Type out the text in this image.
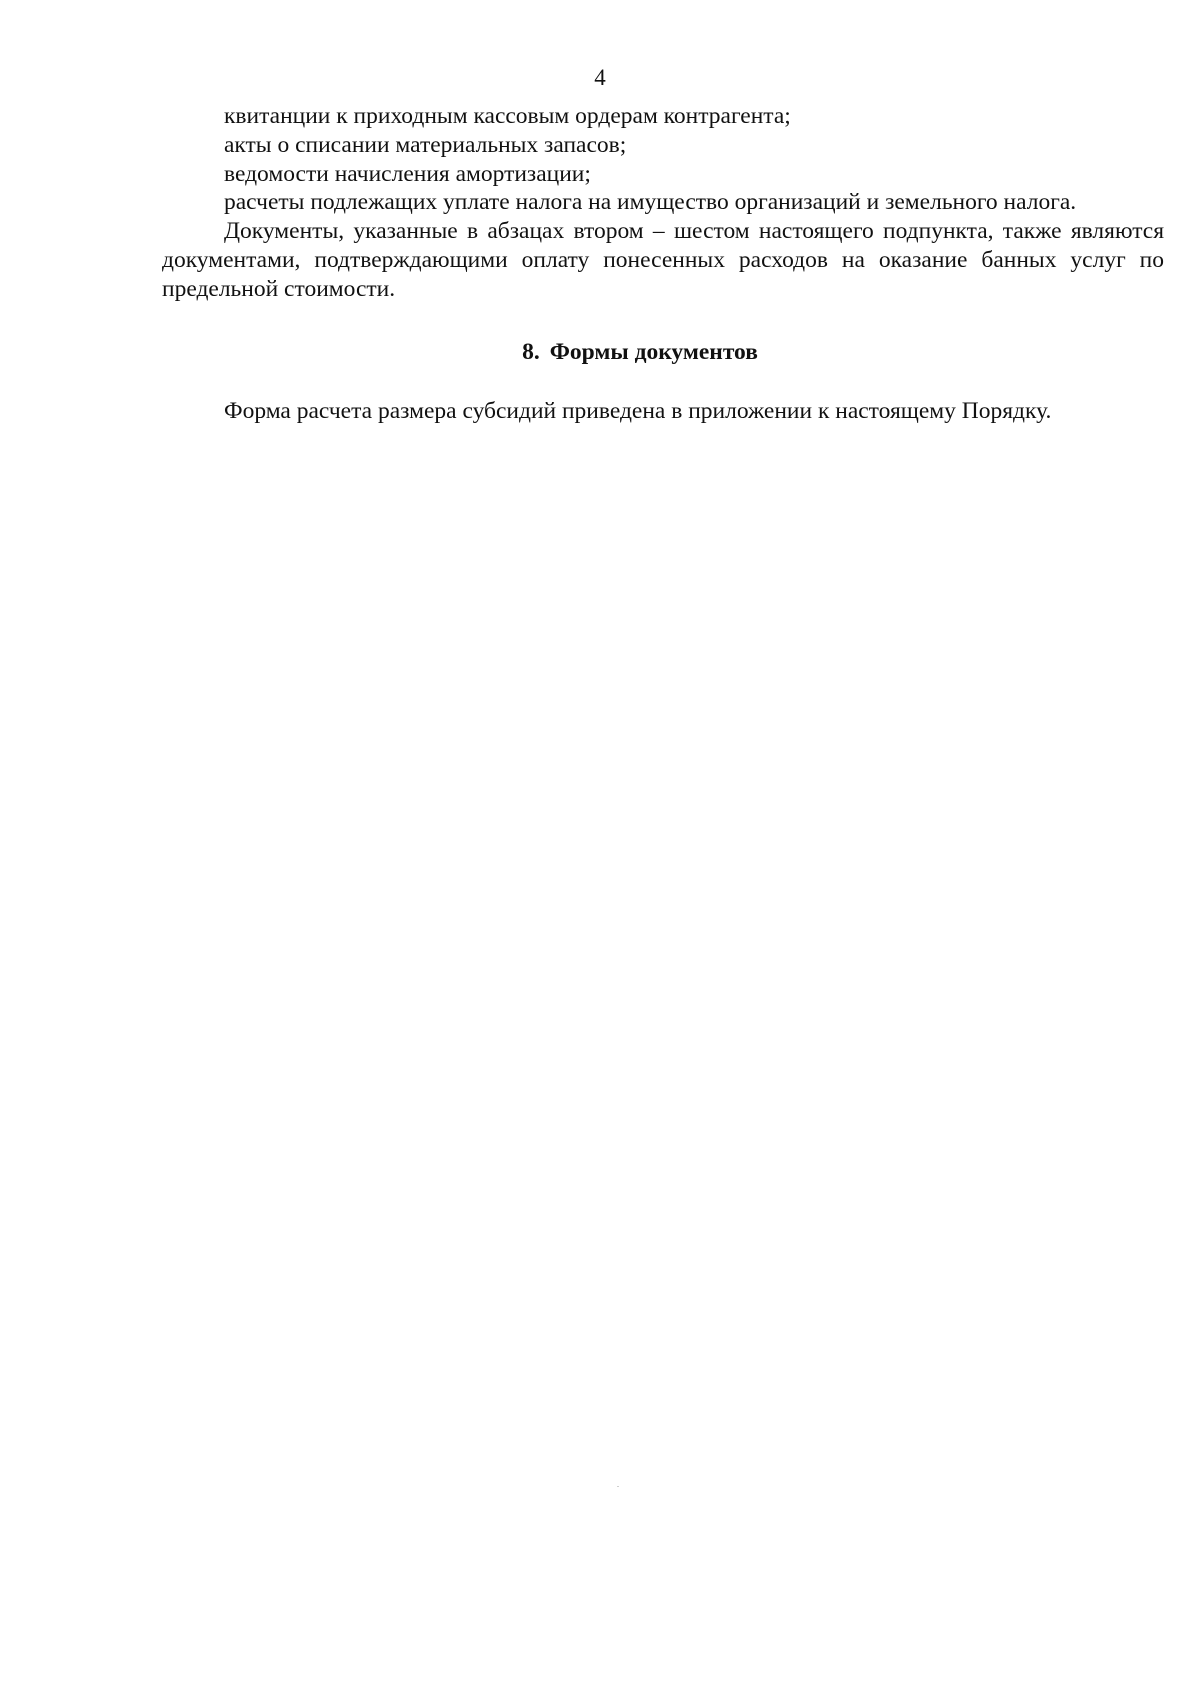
4

квитанции к приходным кассовым ордерам контрагента;

акты о списании материальных запасов;

ведомости начисления амортизации;

расчеты подлежащих уплате налога на имущество организаций и земельного налога.

Документы, указанные в абзацах втором – шестом настоящего подпункта, также являются документами, подтверждающими оплату понесенных расходов на оказание банных услуг по предельной стоимости.

8. Формы документов

Форма расчета размера субсидий приведена в приложении к настоящему Порядку.
